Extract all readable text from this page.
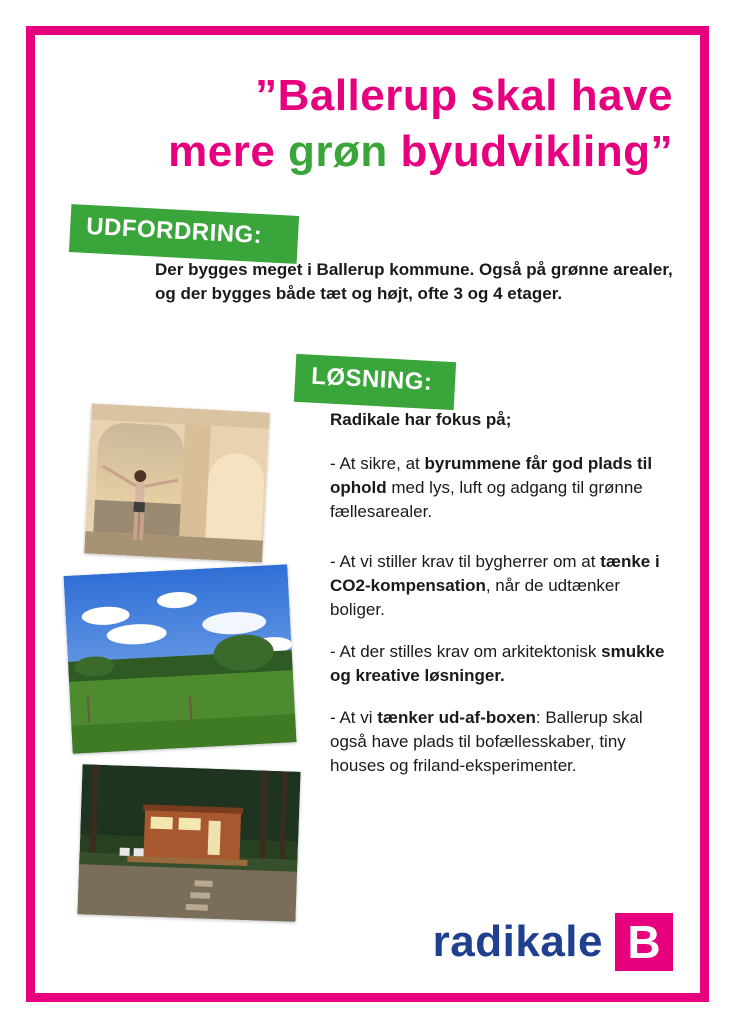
”Ballerup skal have
mere grøn byudvikling”
UDFORDRING:
Der bygges meget i Ballerup kommune. Også på grønne arealer, og der bygges både tæt og højt, ofte 3 og 4 etager.
LØSNING:

Radikale har fokus på;

- At sikre, at byrummene får god plads til ophold med lys, luft og adgang til grønne fællesarealer.

- At vi stiller krav til bygherrer om at tænke i CO2-kompensation, når de udtænker boliger.

- At der stilles krav om arkitektonisk smukke og kreative løsninger.

- At vi tænker ud-af-boxen: Ballerup skal også have plads til bofællesskaber, tiny houses og friland-eksperimenter.

radikale B
